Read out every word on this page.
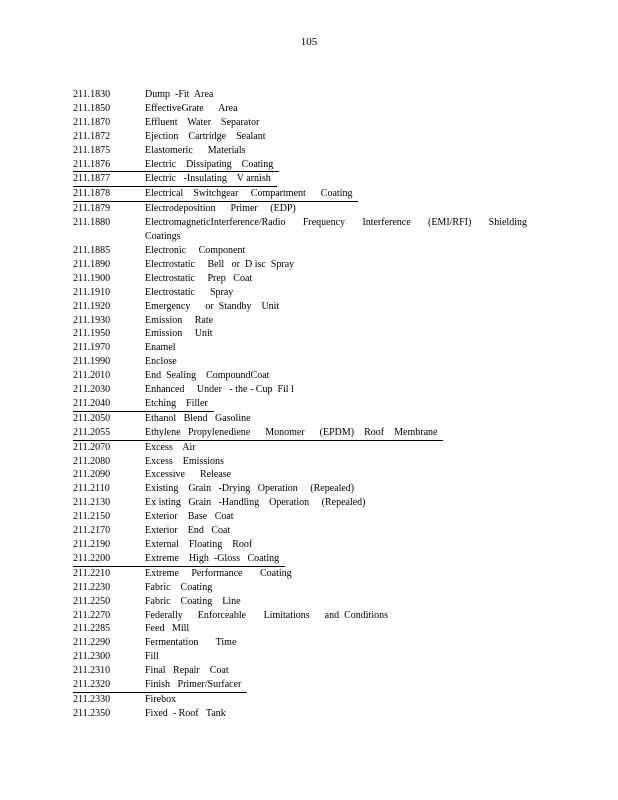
105
211.1830	Dump  -Fit  Area
211.1850	EffectiveGrate      Area
211.1870	Effluent    Water    Separator
211.1872	Ejection    Cartridge    Sealant
211.1875	Elastomeric      Materials
211.1876	Electric    Dissipating    Coating
211.1877	Electric   -Insulating    V arnish
211.1878	Electrical    Switchgear     Compartment      Coating
211.1879	Electrodeposition      Primer     (EDP)
211.1880	ElectromagneticInterference/Radio Frequency Interference (EMI/RFI) Shielding
Coatings
211.1885	Electronic     Component
211.1890	Electrostatic     Bell   or  D isc  Spray
211.1900	Electrostatic     Prep   Coat
211.1910	Electrostatic      Spray
211.1920	Emergency      or  Standby    Unit
211.1930	Emission     Rate
211.1950	Emission     Unit
211.1970	Enamel
211.1990	Enclose
211.2010	End  Sealing    CompoundCoat
211.2030	Enhanced     Under   - the - Cup  Fil l
211.2040	Etching    Filler
211.2050	Ethanol   Blend   Gasoline
211.2055	Ethylene   Propylenediene      Monomer      (EPDM)    Roof    Membrane
211.2070	Excess    Air
211.2080	Excess    Emissions
211.2090	Excessive      Release
211.2110	Existing    Grain   -Drying   Operation     (Repealed)
211.2130	Ex isting   Grain   -Handling    Operation     (Repealed)
211.2150	Exterior    Base   Coat
211.2170	Exterior    End   Coat
211.2190	External    Floating    Roof
211.2200	Extreme    High  -Gloss   Coating
211.2210	Extreme     Performance       Coating
211.2230	Fabric    Coating
211.2250	Fabric    Coating    Line
211.2270	Federally      Enforceable       Limitations      and  Conditions
211.2285	Feed   Mill
211.2290	Fermentation       Time
211.2300	Fill
211.2310	Final   Repair    Coat
211.2320	Finish   Primer/Surfacer
211.2330	Firebox
211.2350	Fixed  - Roof   Tank
